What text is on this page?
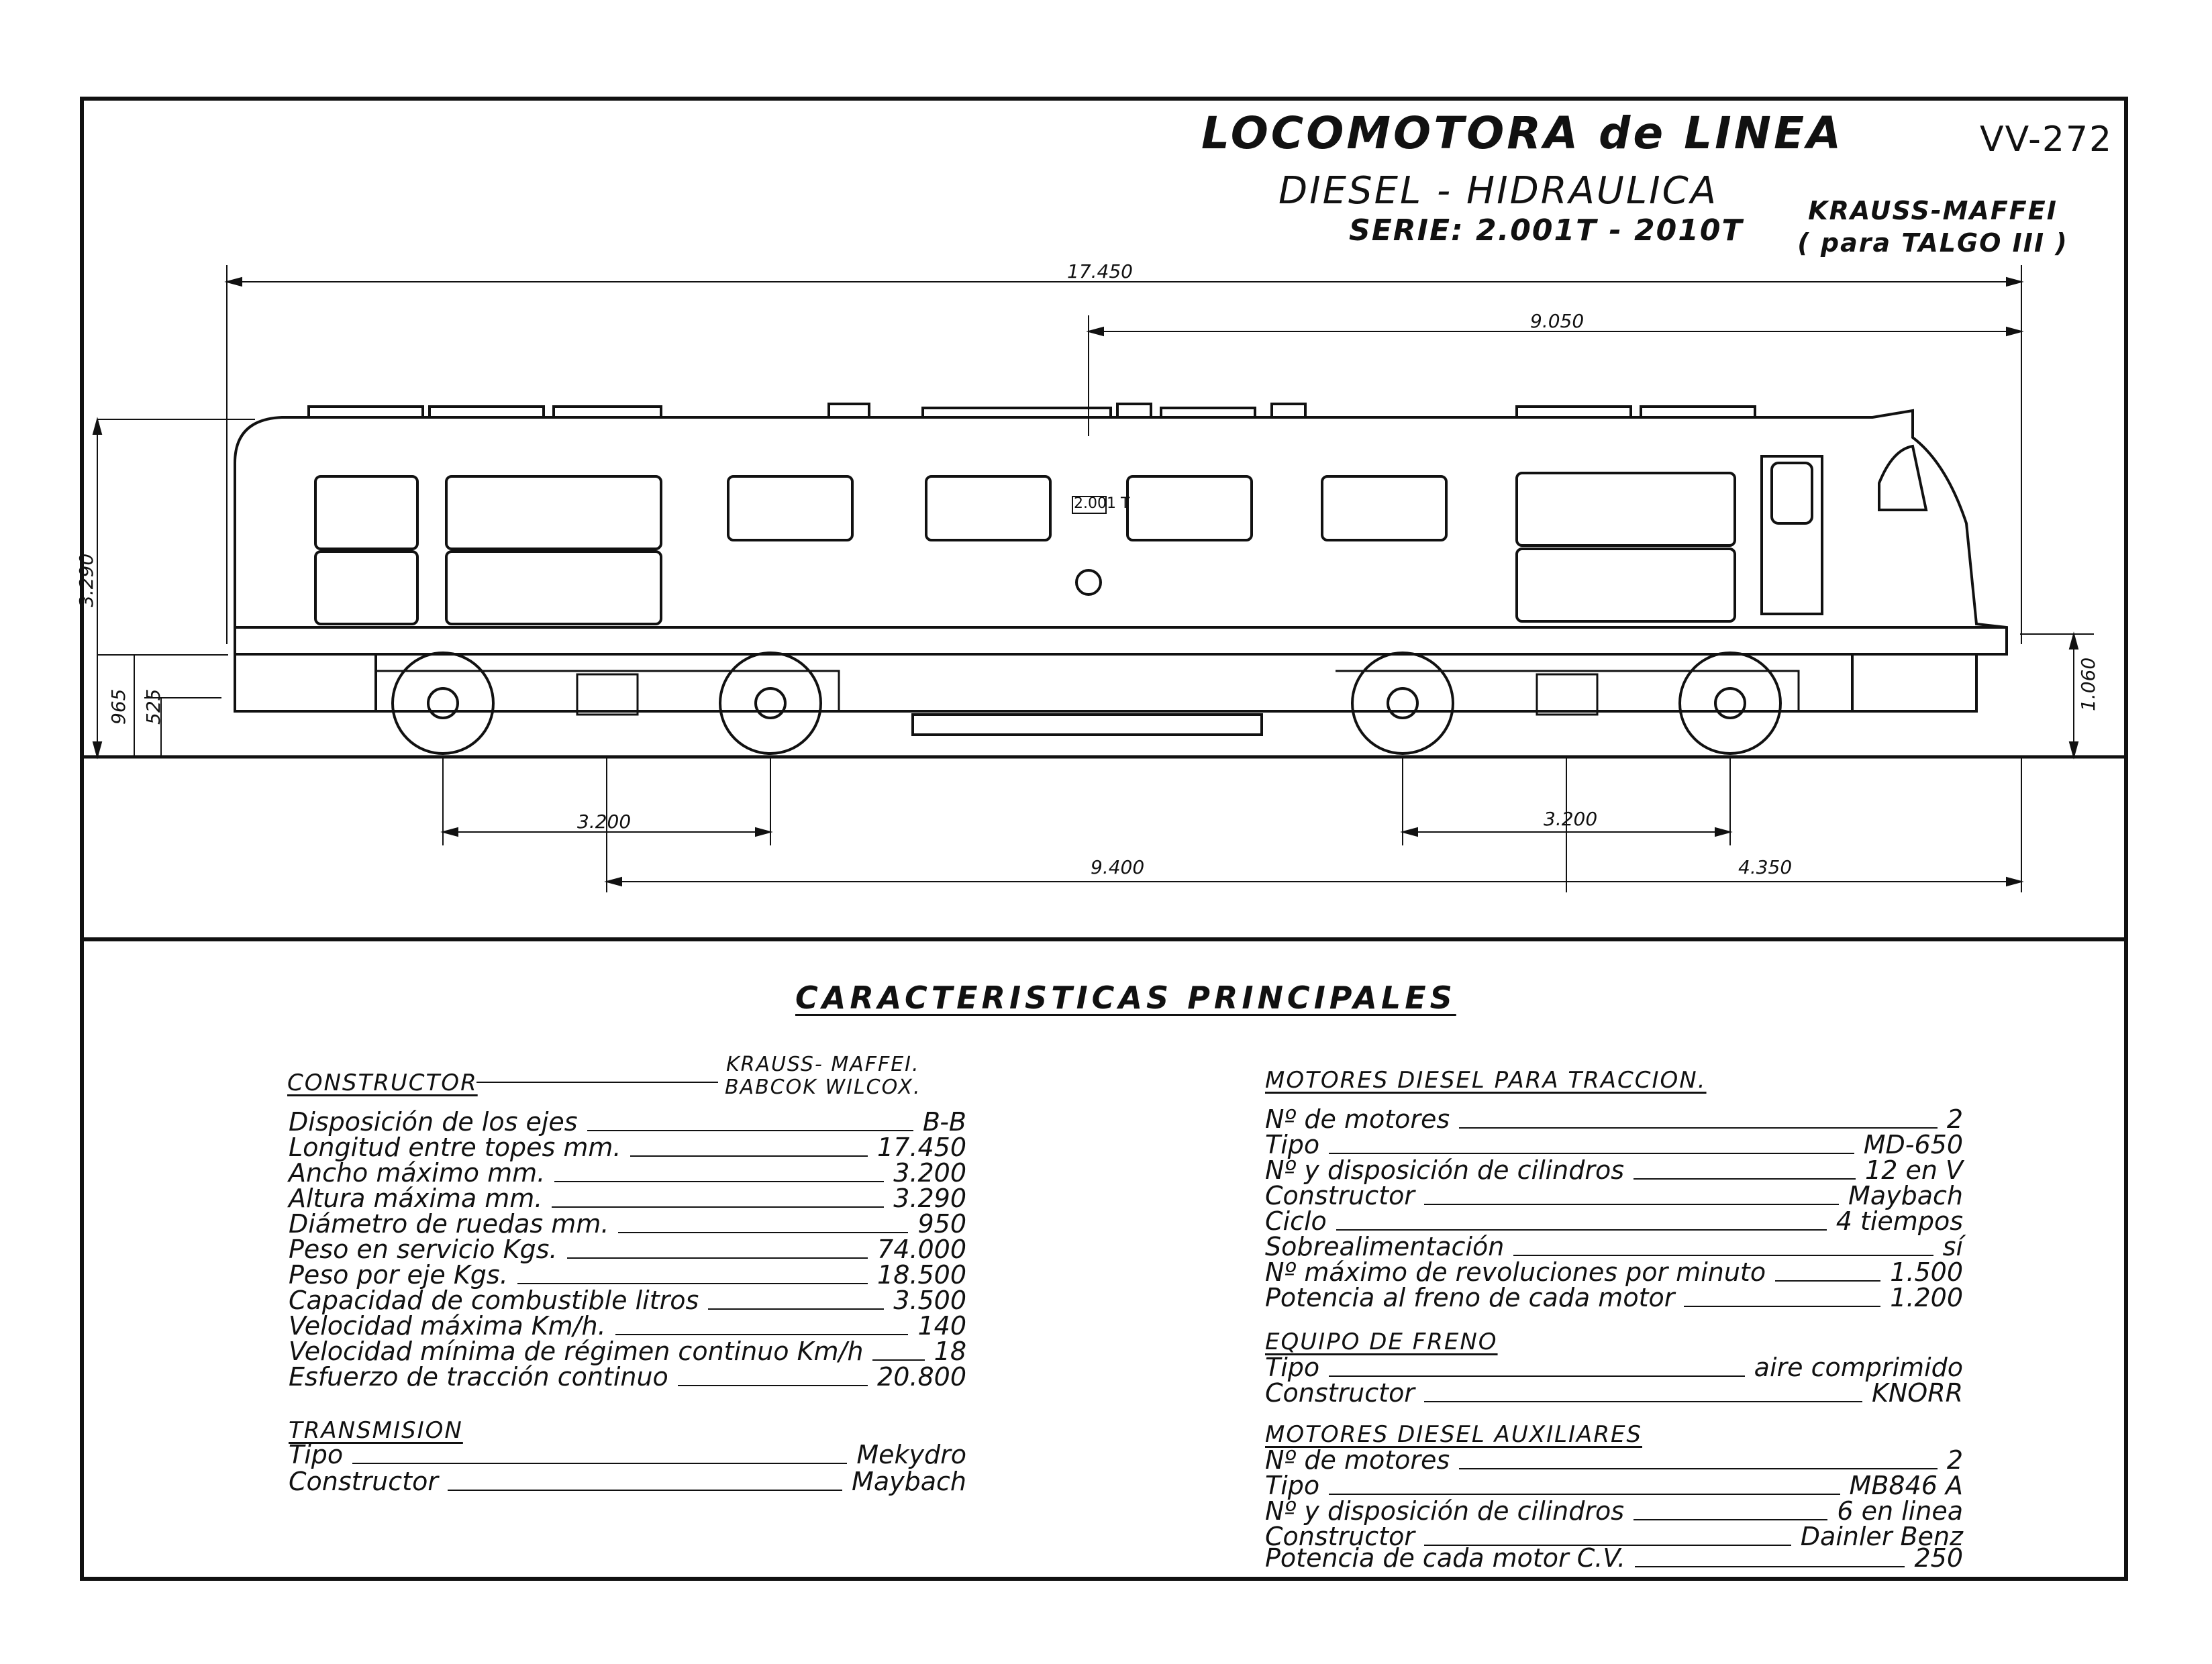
LOCOMOTORA de LINEA
DIESEL - HIDRAULICA
SERIE: 2.001T - 2010T
VV-272
KRAUSS-MAFFEI
( para TALGO III )
2.001 T
17.450
9.050
3.290
965 525	1.060
3.200	3.200
9.400	4.350
CARACTERISTICAS PRINCIPALES
CONSTRUCTOR
KRAUSS- MAFFEI.
BABCOK WILCOX.
Disposición de los ejes	B-B
Longitud entre topes mm.	17.450
Ancho máximo mm.	3.200
Altura máxima mm.	3.290
Diámetro de ruedas mm.	950
Peso en servicio Kgs.	74.000
Peso por eje Kgs.	18.500
Capacidad de combustible litros	3.500
Velocidad máxima Km/h.	140
Velocidad mínima de régimen continuo Km/h	18
Esfuerzo de tracción continuo	20.800
TRANSMISION
Tipo	Mekydro
Constructor	Maybach
MOTORES DIESEL PARA TRACCION.
Nº de motores	2
Tipo	MD-650
Nº y disposición de cilindros	12 en V
Constructor	Maybach
Ciclo	4 tiempos
Sobrealimentación	sí
Nº máximo de revoluciones por minuto	1.500
Potencia al freno de cada motor	1.200
EQUIPO DE FRENO
Tipo	aire comprimido
Constructor	KNORR
MOTORES DIESEL AUXILIARES
Nº de motores	2
Tipo	MB846 A
Nº y disposición de cilindros	6 en linea
Constructor	Dainler Benz
Potencia de cada motor C.V.	250
